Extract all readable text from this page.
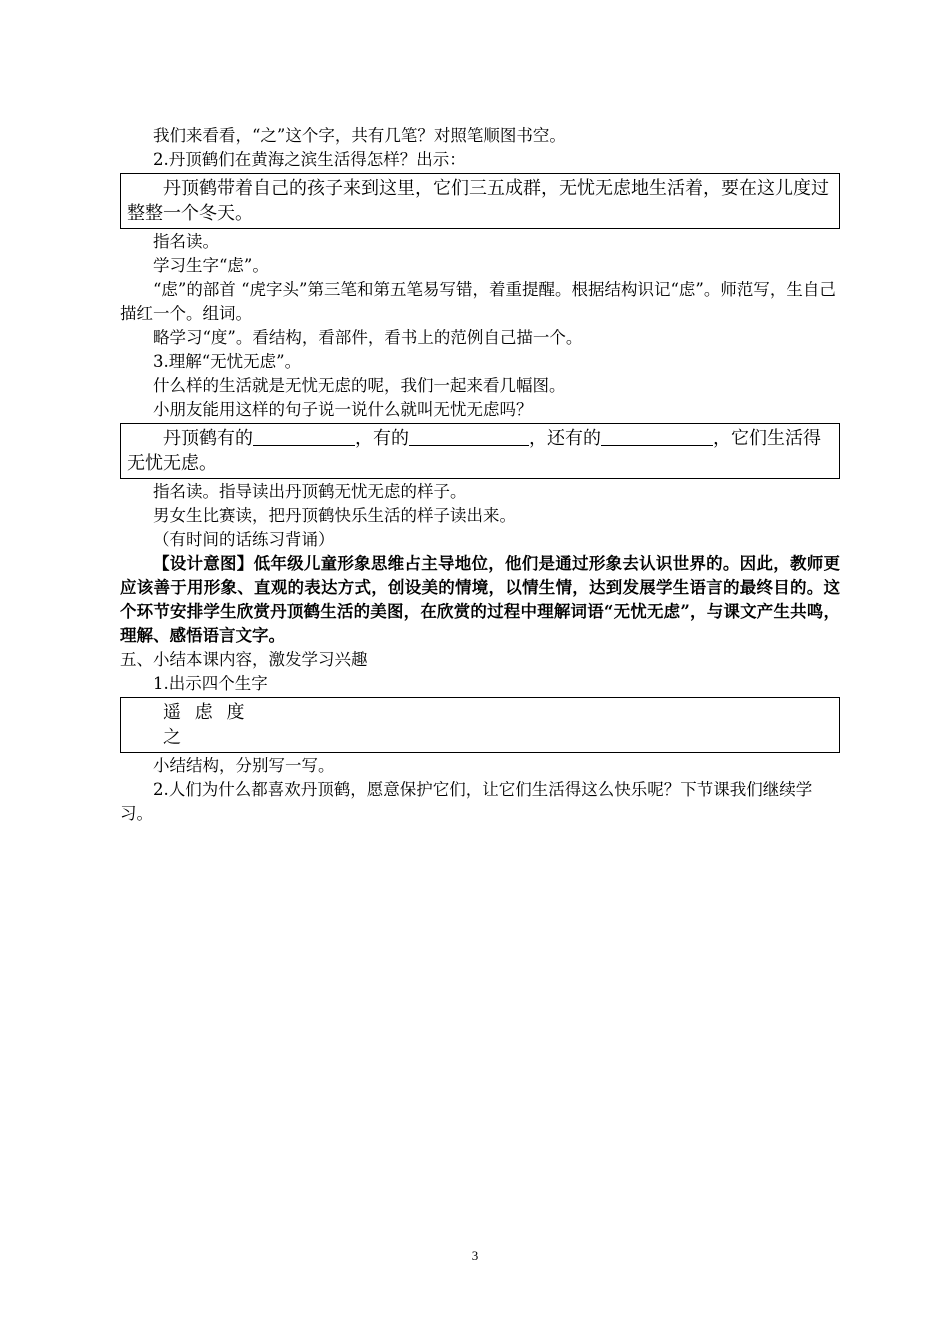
我们来看看，“之”这个字，共有几笔？对照笔顺图书空。

2.丹顶鹤们在黄海之滨生活得怎样？出示：

丹顶鹤带着自己的孩子来到这里，它们三五成群，无忧无虑地生活着，要在这儿度过整整一个冬天。

指名读。

学习生字“虑”。

“虑”的部首 “虎字头”第三笔和第五笔易写错，着重提醒。根据结构识记“虑”。师范写，生自己描红一个。组词。

略学习“度”。看结构，看部件，看书上的范例自己描一个。

3.理解“无忧无虑”。

什么样的生活就是无忧无虑的呢，我们一起来看几幅图。

小朋友能用这样的句子说一说什么就叫无忧无虑吗？

丹顶鹤有的	，有的	，还有的	，它们生活得无忧无虑。

指名读。指导读出丹顶鹤无忧无虑的样子。

男女生比赛读，把丹顶鹤快乐生活的样子读出来。

（有时间的话练习背诵）

【设计意图】低年级儿童形象思维占主导地位，他们是通过形象去认识世界的。因此，教师更应该善于用形象、直观的表达方式，创设美的情境，以情生情，达到发展学生语言的最终目的。这个环节安排学生欣赏丹顶鹤生活的美图，在欣赏的过程中理解词语“无忧无虑”，与课文产生共鸣，理解、感悟语言文字。

五、小结本课内容，激发学习兴趣

1.出示四个生字

遥 虑 度
之

小结结构，分别写一写。

2.人们为什么都喜欢丹顶鹤，愿意保护它们，让它们生活得这么快乐呢？下节课我们继续学习。

3
